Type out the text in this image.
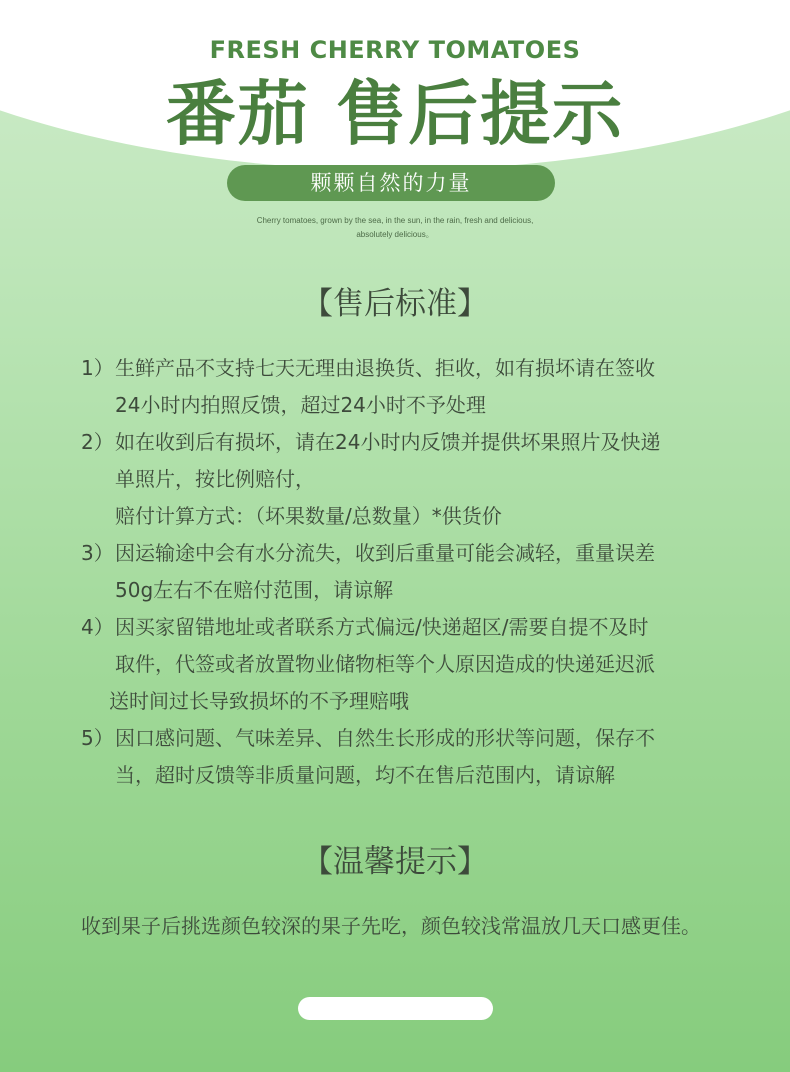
FRESH CHERRY TOMATOES
番茄 售后提示
颗颗自然的力量
Cherry tomatoes, grown by the sea, in the sun, in the rain, fresh and delicious,
absolutely delicious。
【售后标准】
1）生鲜产品不支持七天无理由退换货、拒收，如有损坏请在签收
24小时内拍照反馈，超过24小时不予处理
2）如在收到后有损坏，请在24小时内反馈并提供坏果照片及快递
单照片，按比例赔付，
赔付计算方式：（坏果数量/总数量）*供货价
3）因运输途中会有水分流失，收到后重量可能会减轻，重量误差
50g左右不在赔付范围，请谅解
4）因买家留错地址或者联系方式偏远/快递超区/需要自提不及时
取件，代签或者放置物业储物柜等个人原因造成的快递延迟派
送时间过长导致损坏的不予理赔哦
5）因口感问题、气味差异、自然生长形成的形状等问题，保存不
当，超时反馈等非质量问题，均不在售后范围内，请谅解
【温馨提示】
收到果子后挑选颜色较深的果子先吃，颜色较浅常温放几天口感更佳。
